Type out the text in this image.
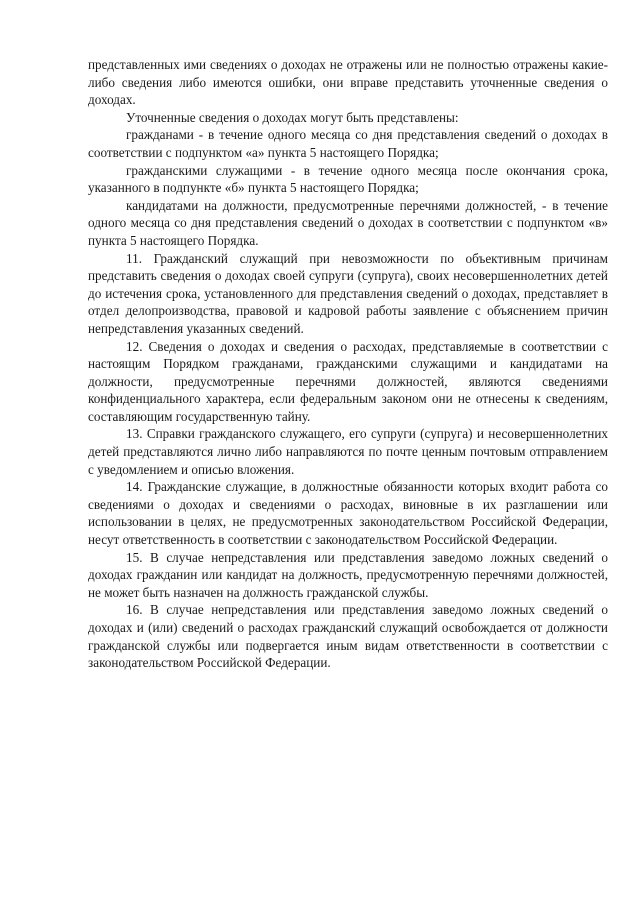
представленных ими сведениях о доходах не отражены или не полностью отражены какие-либо сведения либо имеются ошибки, они вправе представить уточненные сведения о доходах.

Уточненные сведения о доходах могут быть представлены:

гражданами - в течение одного месяца со дня представления сведений о доходах в соответствии с подпунктом «а» пункта 5 настоящего Порядка;

гражданскими служащими - в течение одного месяца после окончания срока, указанного в подпункте «б» пункта 5 настоящего Порядка;

кандидатами на должности, предусмотренные перечнями должностей, - в течение одного месяца со дня представления сведений о доходах в соответствии с подпунктом «в» пункта 5 настоящего Порядка.

11. Гражданский служащий при невозможности по объективным причинам представить сведения о доходах своей супруги (супруга), своих несовершеннолетних детей до истечения срока, установленного для представления сведений о доходах, представляет в отдел делопроизводства, правовой и кадровой работы заявление с объяснением причин непредставления указанных сведений.

12. Сведения о доходах и сведения о расходах, представляемые в соответствии с настоящим Порядком гражданами, гражданскими служащими и кандидатами на должности, предусмотренные перечнями должностей, являются сведениями конфиденциального характера, если федеральным законом они не отнесены к сведениям, составляющим государственную тайну.

13. Справки гражданского служащего, его супруги (супруга) и несовершеннолетних детей представляются лично либо направляются по почте ценным почтовым отправлением с уведомлением и описью вложения.

14. Гражданские служащие, в должностные обязанности которых входит работа со сведениями о доходах и сведениями о расходах, виновные в их разглашении или использовании в целях, не предусмотренных законодательством Российской Федерации, несут ответственность в соответствии с законодательством Российской Федерации.

15. В случае непредставления или представления заведомо ложных сведений о доходах гражданин или кандидат на должность, предусмотренную перечнями должностей, не может быть назначен на должность гражданской службы.

16. В случае непредставления или представления заведомо ложных сведений о доходах и (или) сведений о расходах гражданский служащий освобождается от должности гражданской службы или подвергается иным видам ответственности в соответствии с законодательством Российской Федерации.
